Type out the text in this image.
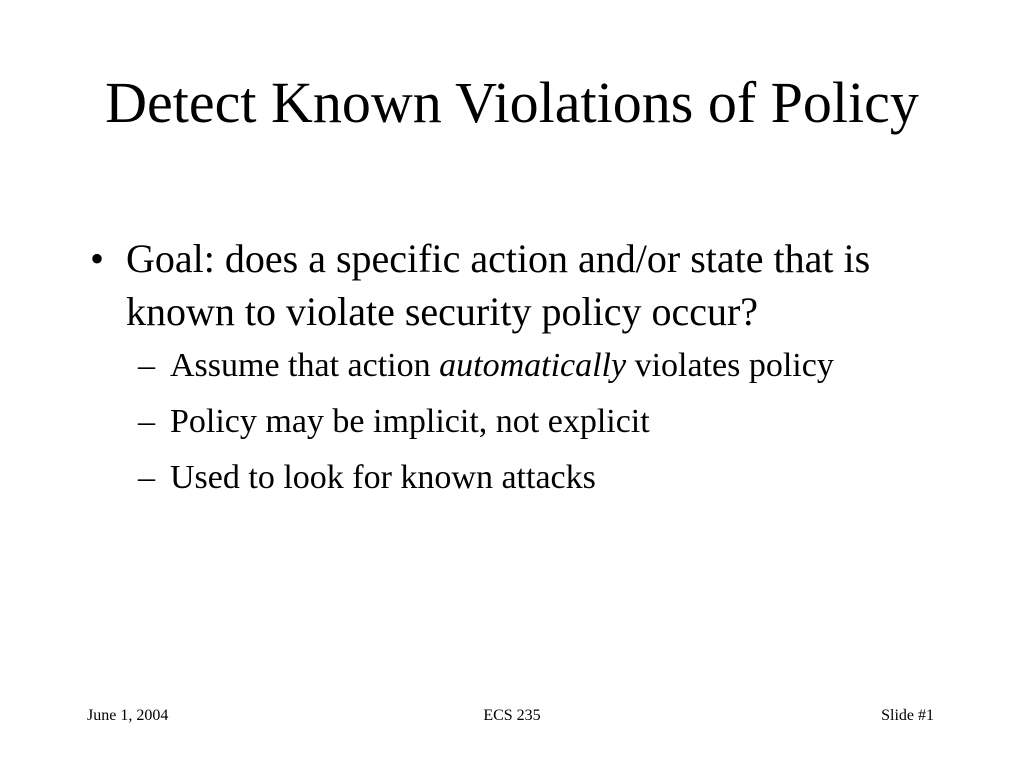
Detect Known Violations of Policy
• Goal: does a specific action and/or state that is known to violate security policy occur?
– Assume that action automatically violates policy
– Policy may be implicit, not explicit
– Used to look for known attacks
June 1, 2004	ECS 235	Slide #1
